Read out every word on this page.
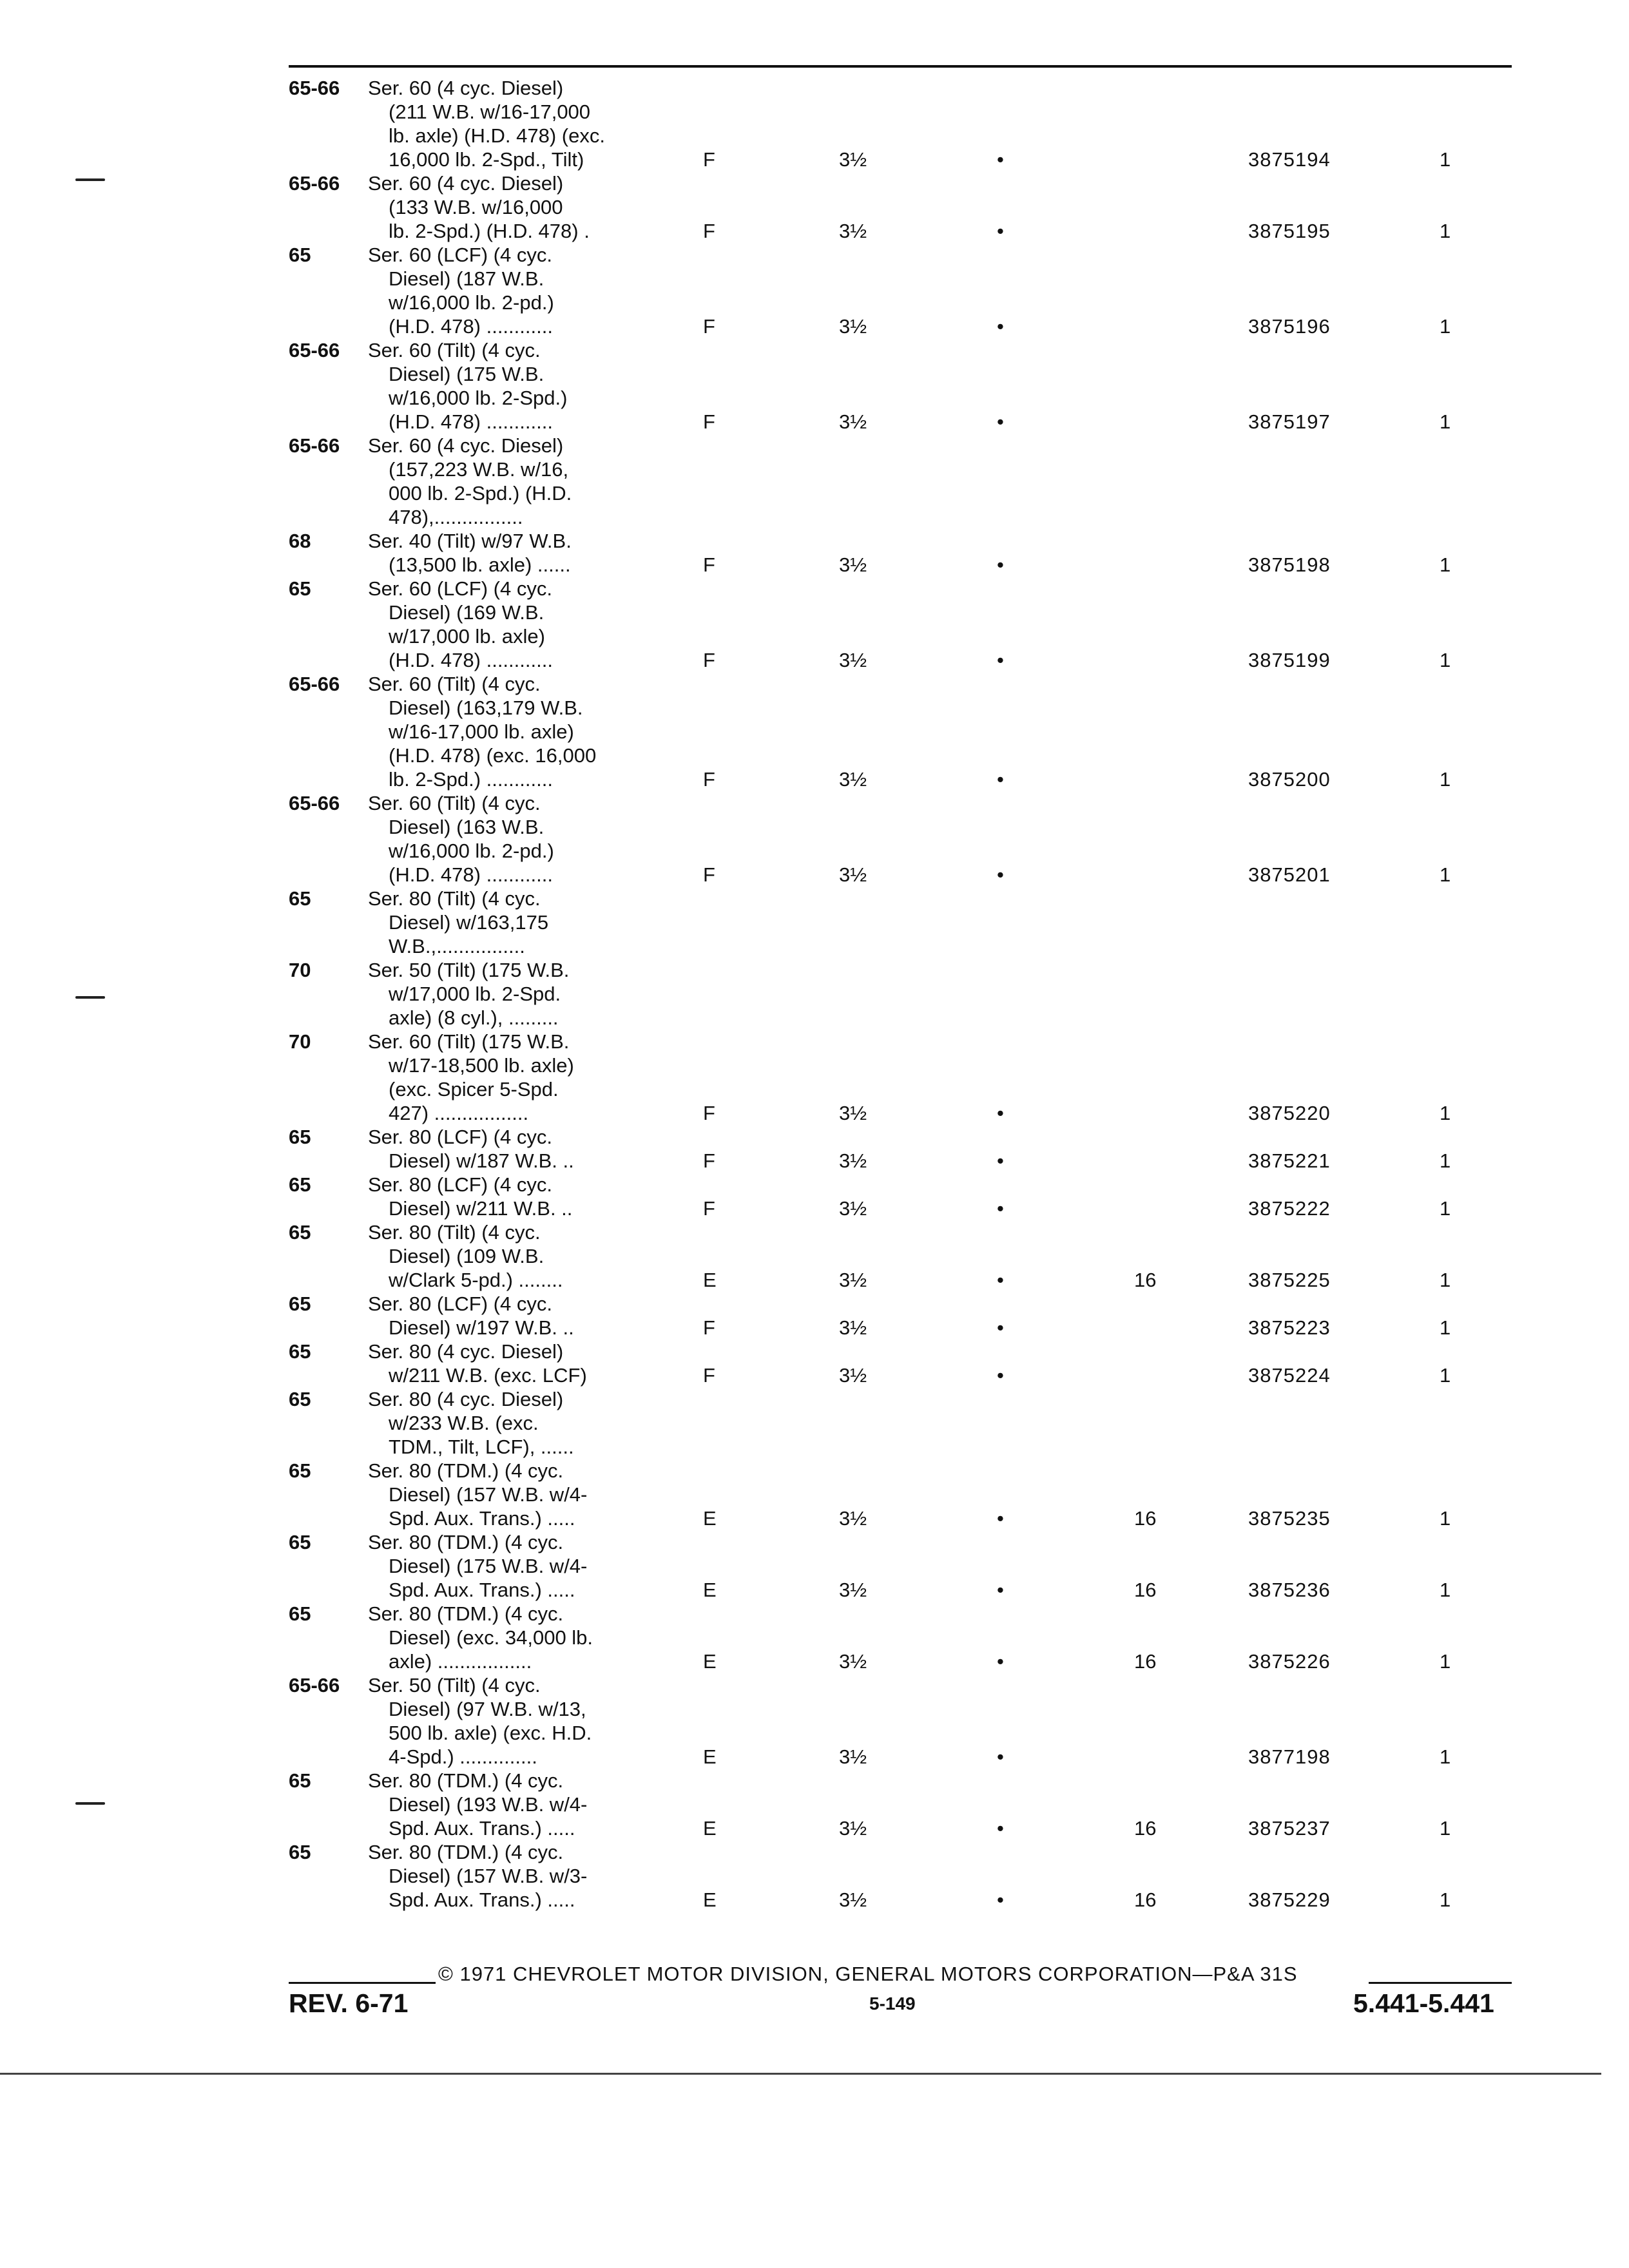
65-66 Ser. 60 (4 cyc. Diesel)
(211 W.B. w/16-17,000
lb. axle) (H.D. 478) (exc.
16,000 lb. 2-Spd., Tilt)	F	3½	•	3875194	1
65-66 Ser. 60 (4 cyc. Diesel)
(133 W.B. w/16,000
lb. 2-Spd.) (H.D. 478) .	F	3½	•	3875195	1
65	Ser. 60 (LCF) (4 cyc.
Diesel) (187 W.B.
w/16,000 lb. 2-pd.)
(H.D. 478) ............	F	3½	•	3875196	1
65-66 Ser. 60 (Tilt) (4 cyc.
Diesel) (175 W.B.
w/16,000 lb. 2-Spd.)
(H.D. 478) ............	F	3½	•	3875197	1
65-66 Ser. 60 (4 cyc. Diesel)
(157,223 W.B. w/16,
000 lb. 2-Spd.) (H.D.
478),................
68	Ser. 40 (Tilt) w/97 W.B.
(13,500 lb. axle) ......	F	3½	•	3875198	1
65	Ser. 60 (LCF) (4 cyc.
Diesel) (169 W.B.
w/17,000 lb. axle)
(H.D. 478) ............	F	3½	•	3875199	1
65-66 Ser. 60 (Tilt) (4 cyc.
Diesel) (163,179 W.B.
w/16-17,000 lb. axle)
(H.D. 478) (exc. 16,000
lb. 2-Spd.) ............	F	3½	•	3875200	1
65-66 Ser. 60 (Tilt) (4 cyc.
Diesel) (163 W.B.
w/16,000 lb. 2-pd.)
(H.D. 478) ............	F	3½	•	3875201	1
65	Ser. 80 (Tilt) (4 cyc.
Diesel) w/163,175
W.B.,................
70	Ser. 50 (Tilt) (175 W.B.
w/17,000 lb. 2-Spd.
axle) (8 cyl.), .........
70	Ser. 60 (Tilt) (175 W.B.
w/17-18,500 lb. axle)
(exc. Spicer 5-Spd.
427) .................	F	3½	•	3875220	1
65	Ser. 80 (LCF) (4 cyc.
Diesel) w/187 W.B. ..	F	3½	•	3875221	1
65	Ser. 80 (LCF) (4 cyc.
Diesel) w/211 W.B. ..	F	3½	•	3875222	1
65	Ser. 80 (Tilt) (4 cyc.
Diesel) (109 W.B.
w/Clark 5-pd.) ........	E	3½	•	16	3875225	1
65	Ser. 80 (LCF) (4 cyc.
Diesel) w/197 W.B. ..	F	3½	•	3875223	1
65	Ser. 80 (4 cyc. Diesel)
w/211 W.B. (exc. LCF)	F	3½	•	3875224	1
65	Ser. 80 (4 cyc. Diesel)
w/233 W.B. (exc.
TDM., Tilt, LCF), ......
65	Ser. 80 (TDM.) (4 cyc.
Diesel) (157 W.B. w/4-
Spd. Aux. Trans.) .....	E	3½	•	16	3875235	1
65	Ser. 80 (TDM.) (4 cyc.
Diesel) (175 W.B. w/4-
Spd. Aux. Trans.) .....	E	3½	•	16	3875236	1
65	Ser. 80 (TDM.) (4 cyc.
Diesel) (exc. 34,000 lb.
axle) .................	E	3½	•	16	3875226	1
65-66 Ser. 50 (Tilt) (4 cyc.
Diesel) (97 W.B. w/13,
500 lb. axle) (exc. H.D.
4-Spd.) ..............	E	3½	•	3877198	1
65	Ser. 80 (TDM.) (4 cyc.
Diesel) (193 W.B. w/4-
Spd. Aux. Trans.) .....	E	3½	•	16	3875237	1
65	Ser. 80 (TDM.) (4 cyc.
Diesel) (157 W.B. w/3-
Spd. Aux. Trans.) .....	E	3½	•	16	3875229	1
© 1971 CHEVROLET MOTOR DIVISION, GENERAL MOTORS CORPORATION—P&A 31S
REV. 6-71	5-149	5.441-5.441
